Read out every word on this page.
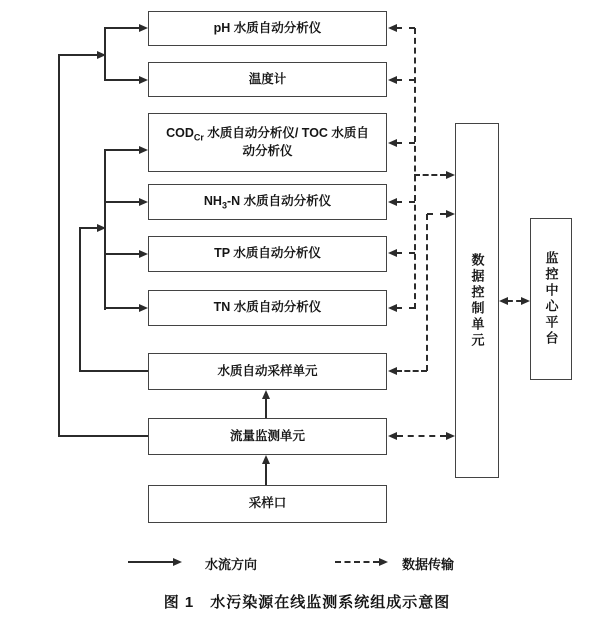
pH 水质自动分析仪
温度计
$COD_{Cr}$ 水质自动分析仪/ TOC 水质自动分析仪
$NH_3-N$ 水质自动分析仪
TP 水质自动分析仪
TN 水质自动分析仪
水质自动采样单元
流量监测单元
采样口
数据控制单元	监控中心平台
水流方向	数据传输
图 1　水污染源在线监测系统组成示意图
